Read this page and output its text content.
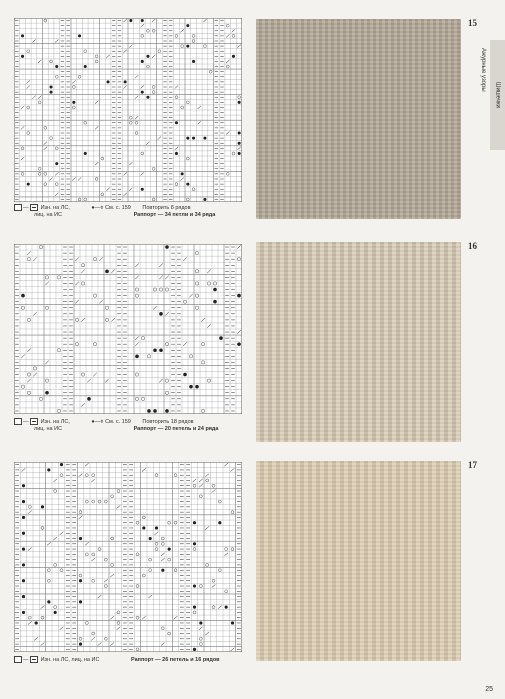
—  Изн. на ЛС,	●—⌽ См. с. 159 Повторить 8 рядов
лиц. на ИС	Раппорт — 34 петли и 34 ряда
15
Ажурные узоры
Шишечки
—  Изн. на ЛС,	●—⌽ См. с. 159 Повторить 18 рядов
лиц. на ИС	Раппорт — 20 петель и 24 ряда
16
—  Изн. на ЛС, лиц. на ИС	Раппорт — 26 петель и 16 рядов
17
25
